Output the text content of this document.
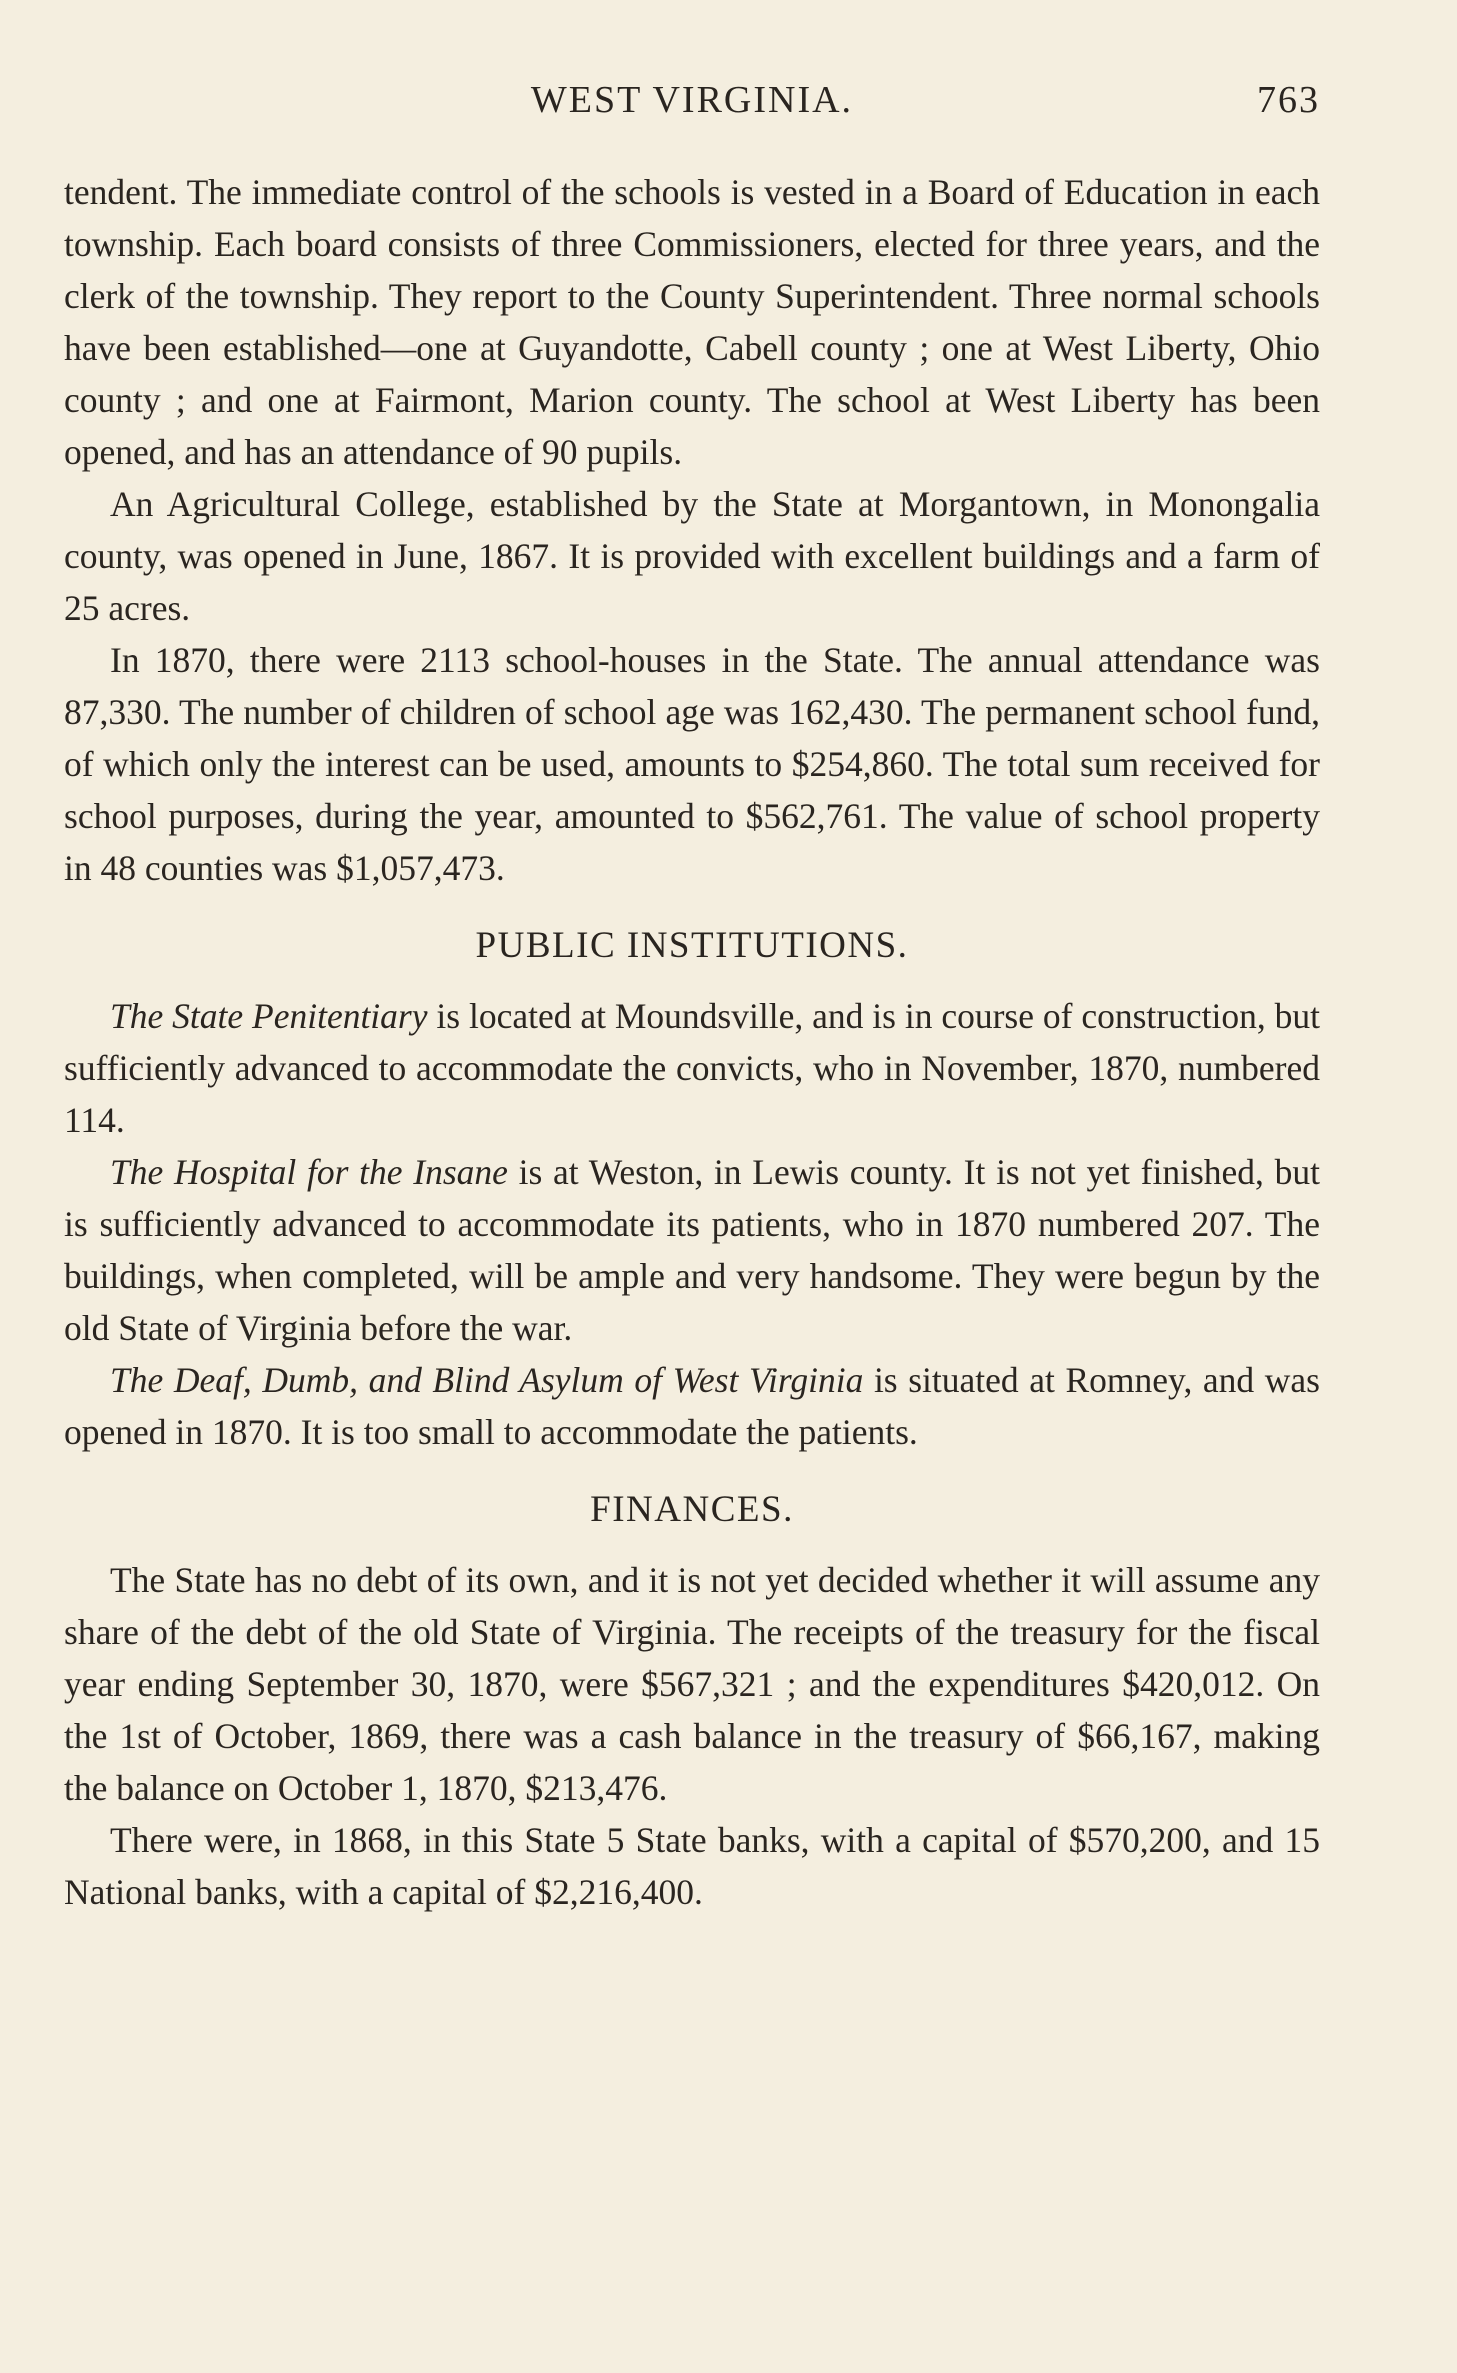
WEST VIRGINIA.	763

tendent. The immediate control of the schools is vested in a Board of Education in each township. Each board consists of three Commissioners, elected for three years, and the clerk of the township. They report to the County Superintendent. Three normal schools have been established—one at Guyandotte, Cabell county ; one at West Liberty, Ohio county ; and one at Fairmont, Marion county. The school at West Liberty has been opened, and has an attendance of 90 pupils.

An Agricultural College, established by the State at Morgantown, in Monongalia county, was opened in June, 1867. It is provided with excellent buildings and a farm of 25 acres.

In 1870, there were 2113 school-houses in the State. The annual attendance was 87,330. The number of children of school age was 162,430. The permanent school fund, of which only the interest can be used, amounts to $254,860. The total sum received for school purposes, during the year, amounted to $562,761. The value of school property in 48 counties was $1,057,473.

PUBLIC INSTITUTIONS.

The State Penitentiary is located at Moundsville, and is in course of construction, but sufficiently advanced to accommodate the convicts, who in November, 1870, numbered 114.

The Hospital for the Insane is at Weston, in Lewis county. It is not yet finished, but is sufficiently advanced to accommodate its patients, who in 1870 numbered 207. The buildings, when completed, will be ample and very handsome. They were begun by the old State of Virginia before the war.

The Deaf, Dumb, and Blind Asylum of West Virginia is situated at Romney, and was opened in 1870. It is too small to accommodate the patients.

FINANCES.

The State has no debt of its own, and it is not yet decided whether it will assume any share of the debt of the old State of Virginia. The receipts of the treasury for the fiscal year ending September 30, 1870, were $567,321 ; and the expenditures $420,012. On the 1st of October, 1869, there was a cash balance in the treasury of $66,167, making the balance on October 1, 1870, $213,476.

There were, in 1868, in this State 5 State banks, with a capital of $570,200, and 15 National banks, with a capital of $2,216,400.
